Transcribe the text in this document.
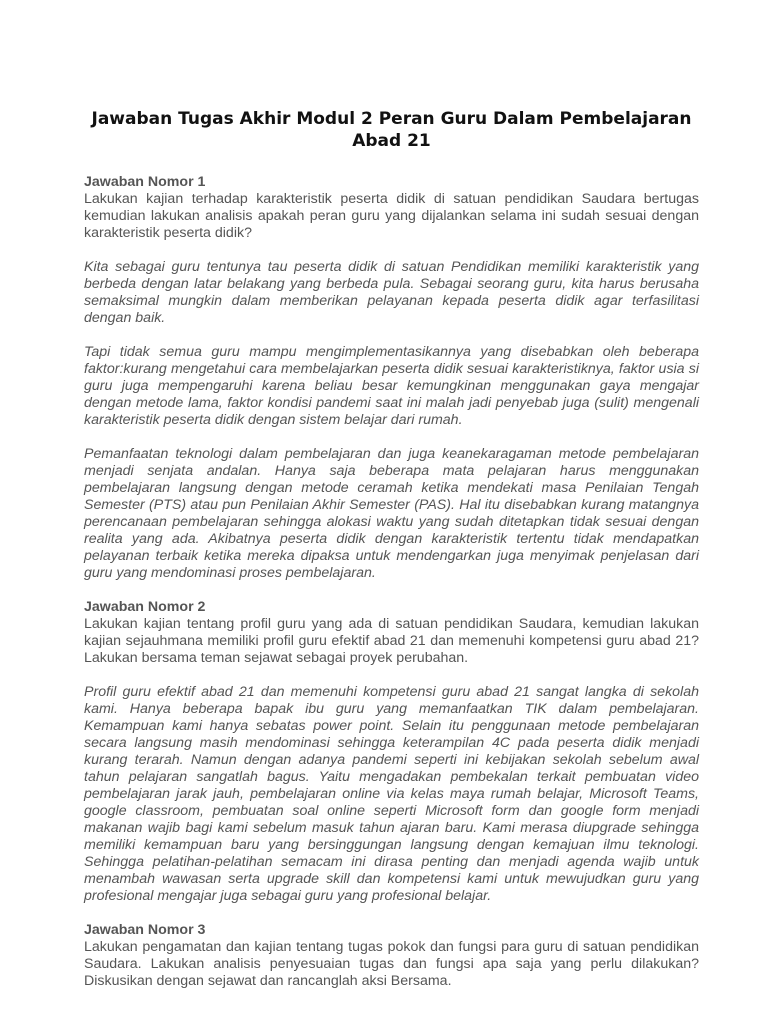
Jawaban Tugas Akhir Modul 2 Peran Guru Dalam Pembelajaran Abad 21
Jawaban Nomor 1

Lakukan kajian terhadap karakteristik peserta didik di satuan pendidikan Saudara bertugas kemudian lakukan analisis apakah peran guru yang dijalankan selama ini sudah sesuai dengan karakteristik peserta didik?

Kita sebagai guru tentunya tau peserta didik di satuan Pendidikan memiliki karakteristik yang berbeda dengan latar belakang yang berbeda pula. Sebagai seorang guru, kita harus berusaha semaksimal mungkin dalam memberikan pelayanan kepada peserta didik agar terfasilitasi dengan baik.

Tapi tidak semua guru mampu mengimplementasikannya yang disebabkan oleh beberapa faktor:kurang mengetahui cara membelajarkan peserta didik sesuai karakteristiknya, faktor usia si guru juga mempengaruhi karena beliau besar kemungkinan menggunakan gaya mengajar dengan metode lama, faktor kondisi pandemi saat ini malah jadi penyebab juga (sulit) mengenali karakteristik peserta didik dengan sistem belajar dari rumah.

Pemanfaatan teknologi dalam pembelajaran dan juga keanekaragaman metode pembelajaran menjadi senjata andalan. Hanya saja beberapa mata pelajaran harus menggunakan pembelajaran langsung dengan metode ceramah ketika mendekati masa Penilaian Tengah Semester (PTS) atau pun Penilaian Akhir Semester (PAS). Hal itu disebabkan kurang matangnya perencanaan pembelajaran sehingga alokasi waktu yang sudah ditetapkan tidak sesuai dengan realita yang ada. Akibatnya peserta didik dengan karakteristik tertentu tidak mendapatkan pelayanan terbaik ketika mereka dipaksa untuk mendengarkan juga menyimak penjelasan dari guru yang mendominasi proses pembelajaran.

Jawaban Nomor 2

Lakukan kajian tentang profil guru yang ada di satuan pendidikan Saudara, kemudian lakukan kajian sejauhmana memiliki profil guru efektif abad 21 dan memenuhi kompetensi guru abad 21? Lakukan bersama teman sejawat sebagai proyek perubahan.

Profil guru efektif abad 21 dan memenuhi kompetensi guru abad 21 sangat langka di sekolah kami. Hanya beberapa bapak ibu guru yang memanfaatkan TIK dalam pembelajaran. Kemampuan kami hanya sebatas power point. Selain itu penggunaan metode pembelajaran secara langsung masih mendominasi sehingga keterampilan 4C pada peserta didik menjadi kurang terarah. Namun dengan adanya pandemi seperti ini kebijakan sekolah sebelum awal tahun pelajaran sangatlah bagus. Yaitu mengadakan pembekalan terkait pembuatan video pembelajaran jarak jauh, pembelajaran online via kelas maya rumah belajar, Microsoft Teams, google classroom, pembuatan soal online seperti Microsoft form dan google form menjadi makanan wajib bagi kami sebelum masuk tahun ajaran baru. Kami merasa diupgrade sehingga memiliki kemampuan baru yang bersinggungan langsung dengan kemajuan ilmu teknologi. Sehingga pelatihan-pelatihan semacam ini dirasa penting dan menjadi agenda wajib untuk menambah wawasan serta upgrade skill dan kompetensi kami untuk mewujudkan guru yang profesional mengajar juga sebagai guru yang profesional belajar.

Jawaban Nomor 3

Lakukan pengamatan dan kajian tentang tugas pokok dan fungsi para guru di satuan pendidikan Saudara. Lakukan analisis penyesuaian tugas dan fungsi apa saja yang perlu dilakukan? Diskusikan dengan sejawat dan rancanglah aksi Bersama.
